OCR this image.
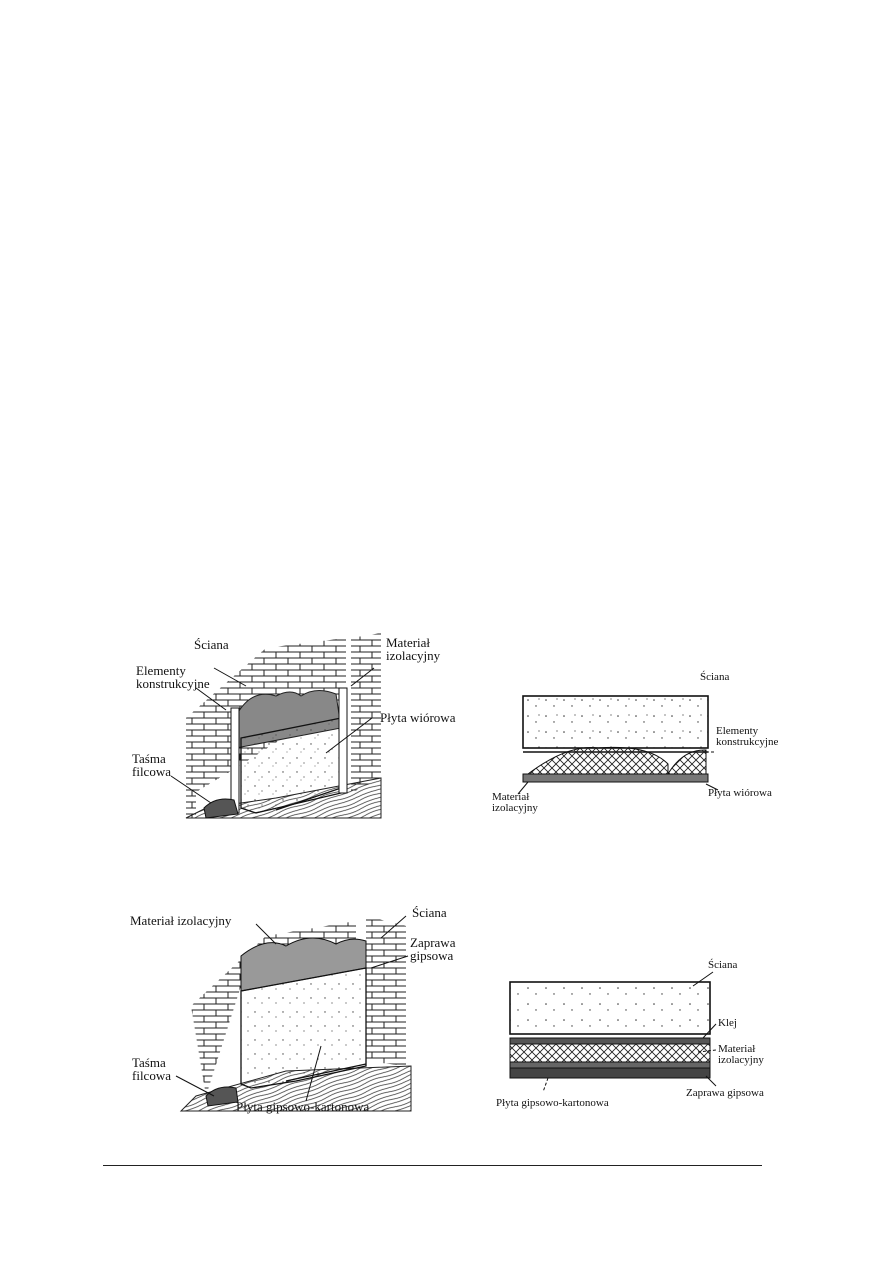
Ściana	Materiał
izolacyjny
Elementy
konstrukcyjne
Płyta wiórowa
Taśma
filcowa
Ściana
Elementy
konstrukcyjne
Materiał
izolacyjny
Płyta wiórowa
Materiał izolacyjny
Ściana
Zaprawa
gipsowa
Taśma
filcowa
Płyta gipsowo-kartonowa
Ściana
Klej
Materiał
izolacyjny
Zaprawa gipsowa
Płyta gipsowo-kartonowa
